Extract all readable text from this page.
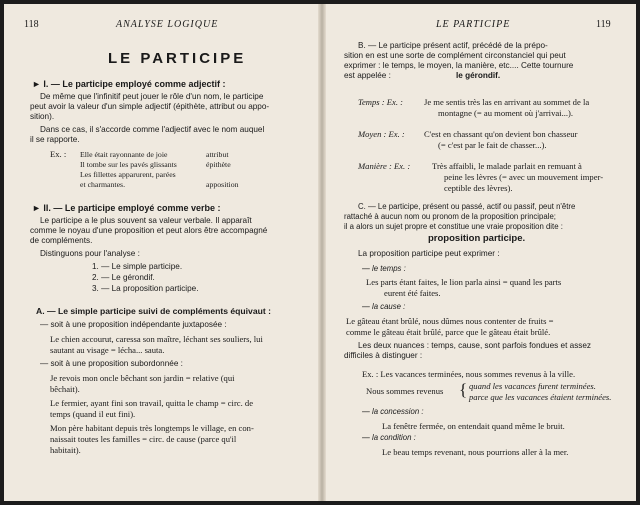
118	ANALYSE LOGIQUE
LE PARTICIPE
► I. — Le participe employé comme adjectif :
De même que l'infinitif peut jouer le rôle d'un nom, le participe
peut avoir la valeur d'un simple adjectif (épithète, attribut ou appo-
sition).
Dans ce cas, il s'accorde comme l'adjectif avec le nom auquel
il se rapporte.
Ex. : Elle était rayonnante de joie	attribut
Il tombe sur les pavés glissants	épithète
Les fillettes apparurent, parées
et charmantes.	apposition
► II. — Le participe employé comme verbe :
Le participe a le plus souvent sa valeur verbale. Il apparaît
comme le noyau d'une proposition et peut alors être accompagné
de compléments.
Distinguons pour l'analyse :
1. — Le simple participe.
2. — Le gérondif.
3. — La proposition participe.
A. — Le simple participe suivi de compléments équivaut :
— soit à une proposition indépendante juxtaposée :
Le chien accourut, caressa son maître, léchant ses souliers, lui
sautant au visage = lécha... sauta.
— soit à une proposition subordonnée :
Je revois mon oncle bêchant son jardin = relative (qui
bêchait).
Le fermier, ayant fini son travail, quitta le champ = circ. de
temps (quand il eut fini).
Mon père habitant depuis très longtemps le village, en con-
naissait toutes les familles = circ. de cause (parce qu'il
habitait).
LE PARTICIPE	119
B. — Le participe présent actif, précédé de la prépo-
sition en est une sorte de complément circonstanciel qui peut
exprimer : le temps, le moyen, la manière, etc.... Cette tournure
est appelée :	le gérondif.
Temps : Ex. : Je me sentis très las en arrivant au sommet de la
montagne (= au moment où j'arrivai...).
Moyen : Ex. : C'est en chassant qu'on devient bon chasseur
(= c'est par le fait de chasser...).
Manière : Ex. :	Très affaibli, le malade parlait en remuant à
peine les lèvres (= avec un mouvement imper-
ceptible des lèvres).
C. — Le participe, présent ou passé, actif ou passif, peut n'être
rattaché à aucun nom ou pronom de la proposition principale;
il a alors un sujet propre et constitue une vraie proposition dite :
proposition participe.
La proposition participe peut exprimer :
— le temps :
Les parts étant faites, le lion parla ainsi = quand les parts
eurent été faites.
— la cause :
Le gâteau étant brûlé, nous dûmes nous contenter de fruits =
comme le gâteau était brûlé, parce que le gâteau était brûlé.
Les deux nuances : temps, cause, sont parfois fondues et assez
difficiles à distinguer :
Ex. : Les vacances terminées, nous sommes revenus à la ville.
Nous sommes revenus { quand les vacances furent terminées.
parce que les vacances étaient terminées.
— la concession :
La fenêtre fermée, on entendait quand même le bruit.
— la condition :
Le beau temps revenant, nous pourrions aller à la mer.
